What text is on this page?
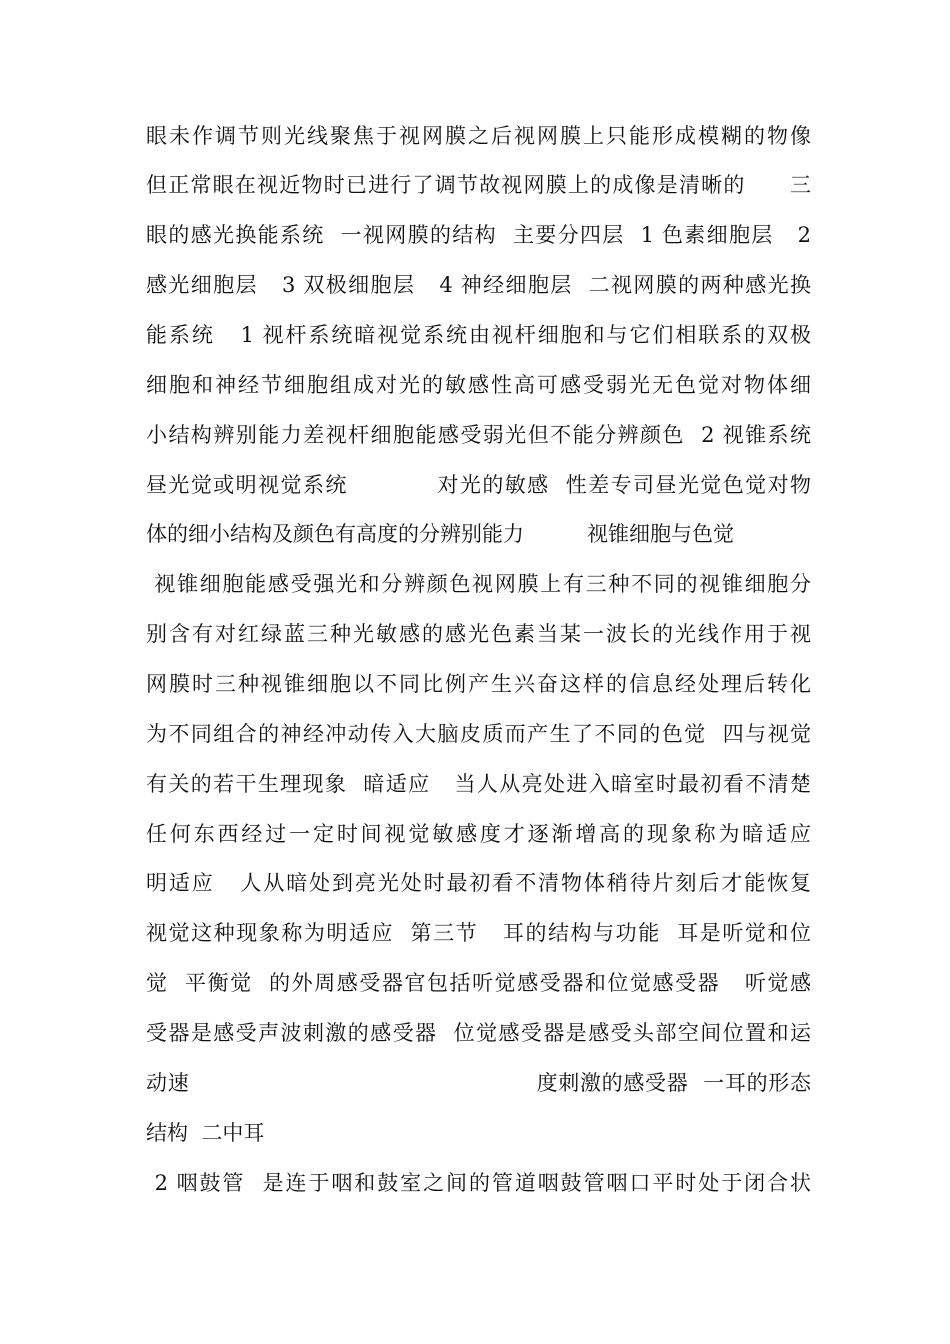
眼未作调节则光线聚焦于视网膜之后视网膜上只能形成模糊的物像
但正常眼在视近物时已进行了调节故视网膜上的成像是清晰的　　三
眼的感光换能系统  一视网膜的结构  主要分四层  1 色素细胞层   2
感光细胞层   3 双极细胞层   4 神经细胞层  二视网膜的两种感光换
能系统   1 视杆系统暗视觉系统由视杆细胞和与它们相联系的双极
细胞和神经节细胞组成对光的敏感性高可感受弱光无色觉对物体细
小结构辨别能力差视杆细胞能感受弱光但不能分辨颜色  2 视锥系统
昼光觉或明视觉系统　　　　对光的敏感  性差专司昼光觉色觉对物
体的细小结构及颜色有高度的分辨别能力　　　视锥细胞与色觉
视锥细胞能感受强光和分辨颜色视网膜上有三种不同的视锥细胞分
别含有对红绿蓝三种光敏感的感光色素当某一波长的光线作用于视
网膜时三种视锥细胞以不同比例产生兴奋这样的信息经处理后转化
为不同组合的神经冲动传入大脑皮质而产生了不同的色觉  四与视觉
有关的若干生理现象  暗适应   当人从亮处进入暗室时最初看不清楚
任何东西经过一定时间视觉敏感度才逐渐增高的现象称为暗适应
明适应   人从暗处到亮光处时最初看不清物体稍待片刻后才能恢复
视觉这种现象称为明适应  第三节   耳的结构与功能  耳是听觉和位
觉  平衡觉  的外周感受器官包括听觉感受器和位觉感受器   听觉感
受器是感受声波刺激的感受器  位觉感受器是感受头部空间位置和运
动速　　　　　　　　　　　　　　　　度刺激的感受器  一耳的形态
结构  二中耳
2 咽鼓管  是连于咽和鼓室之间的管道咽鼓管咽口平时处于闭合状
